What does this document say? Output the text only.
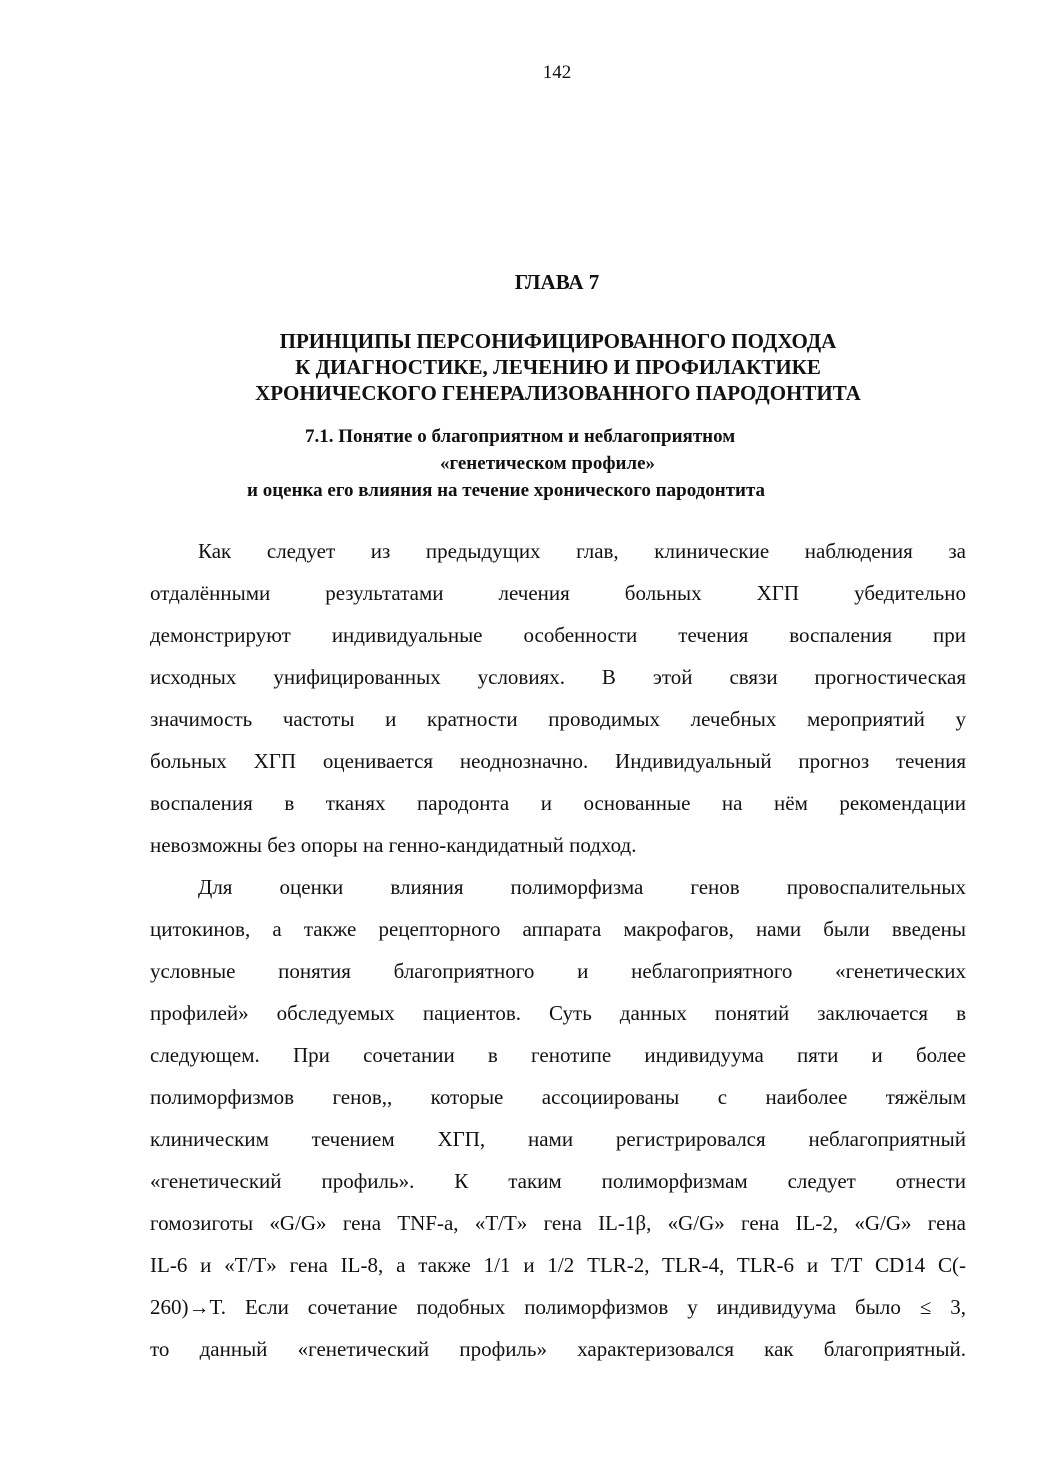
142
ГЛАВА 7
ПРИНЦИПЫ ПЕРСОНИФИЦИРОВАННОГО ПОДХОДА
К ДИАГНОСТИКЕ, ЛЕЧЕНИЮ И ПРОФИЛАКТИКЕ
ХРОНИЧЕСКОГО ГЕНЕРАЛИЗОВАННОГО ПАРОДОНТИТА
7.1. Понятие о благоприятном и неблагоприятном
«генетическом профиле»
и оценка его влияния на течение хронического пародонтита
Как следует из предыдущих глав, клинические наблюдения за
отдалёнными результатами лечения больных ХГП убедительно
демонстрируют индивидуальные особенности течения воспаления при
исходных унифицированных условиях. В этой связи прогностическая
значимость частоты и кратности проводимых лечебных мероприятий у
больных ХГП оценивается неоднозначно. Индивидуальный прогноз течения
воспаления в тканях пародонта и основанные на нём рекомендации
невозможны без опоры на генно-кандидатный подход.
Для оценки влияния полиморфизма генов провоспалительных
цитокинов, а также рецепторного аппарата макрофагов, нами были введены
условные понятия благоприятного и неблагоприятного «генетических
профилей» обследуемых пациентов. Суть данных понятий заключается в
следующем. При сочетании в генотипе индивидуума пяти и более
полиморфизмов генов,, которые ассоциированы с наиболее тяжёлым
клиническим течением ХГП, нами регистрировался неблагоприятный
«генетический профиль». К таким полиморфизмам следует отнести
гомозиготы «G/G» гена TNF-a, «T/T» гена IL-1β, «G/G» гена IL-2, «G/G» гена
IL-6 и «T/T» гена IL-8, а также 1/1 и 1/2 TLR-2, TLR-4, TLR-6 и T/T CD14 C(-
260)→T. Если сочетание подобных полиморфизмов у индивидуума было ≤ 3,
то данный «генетический профиль» характеризовался как благоприятный.
